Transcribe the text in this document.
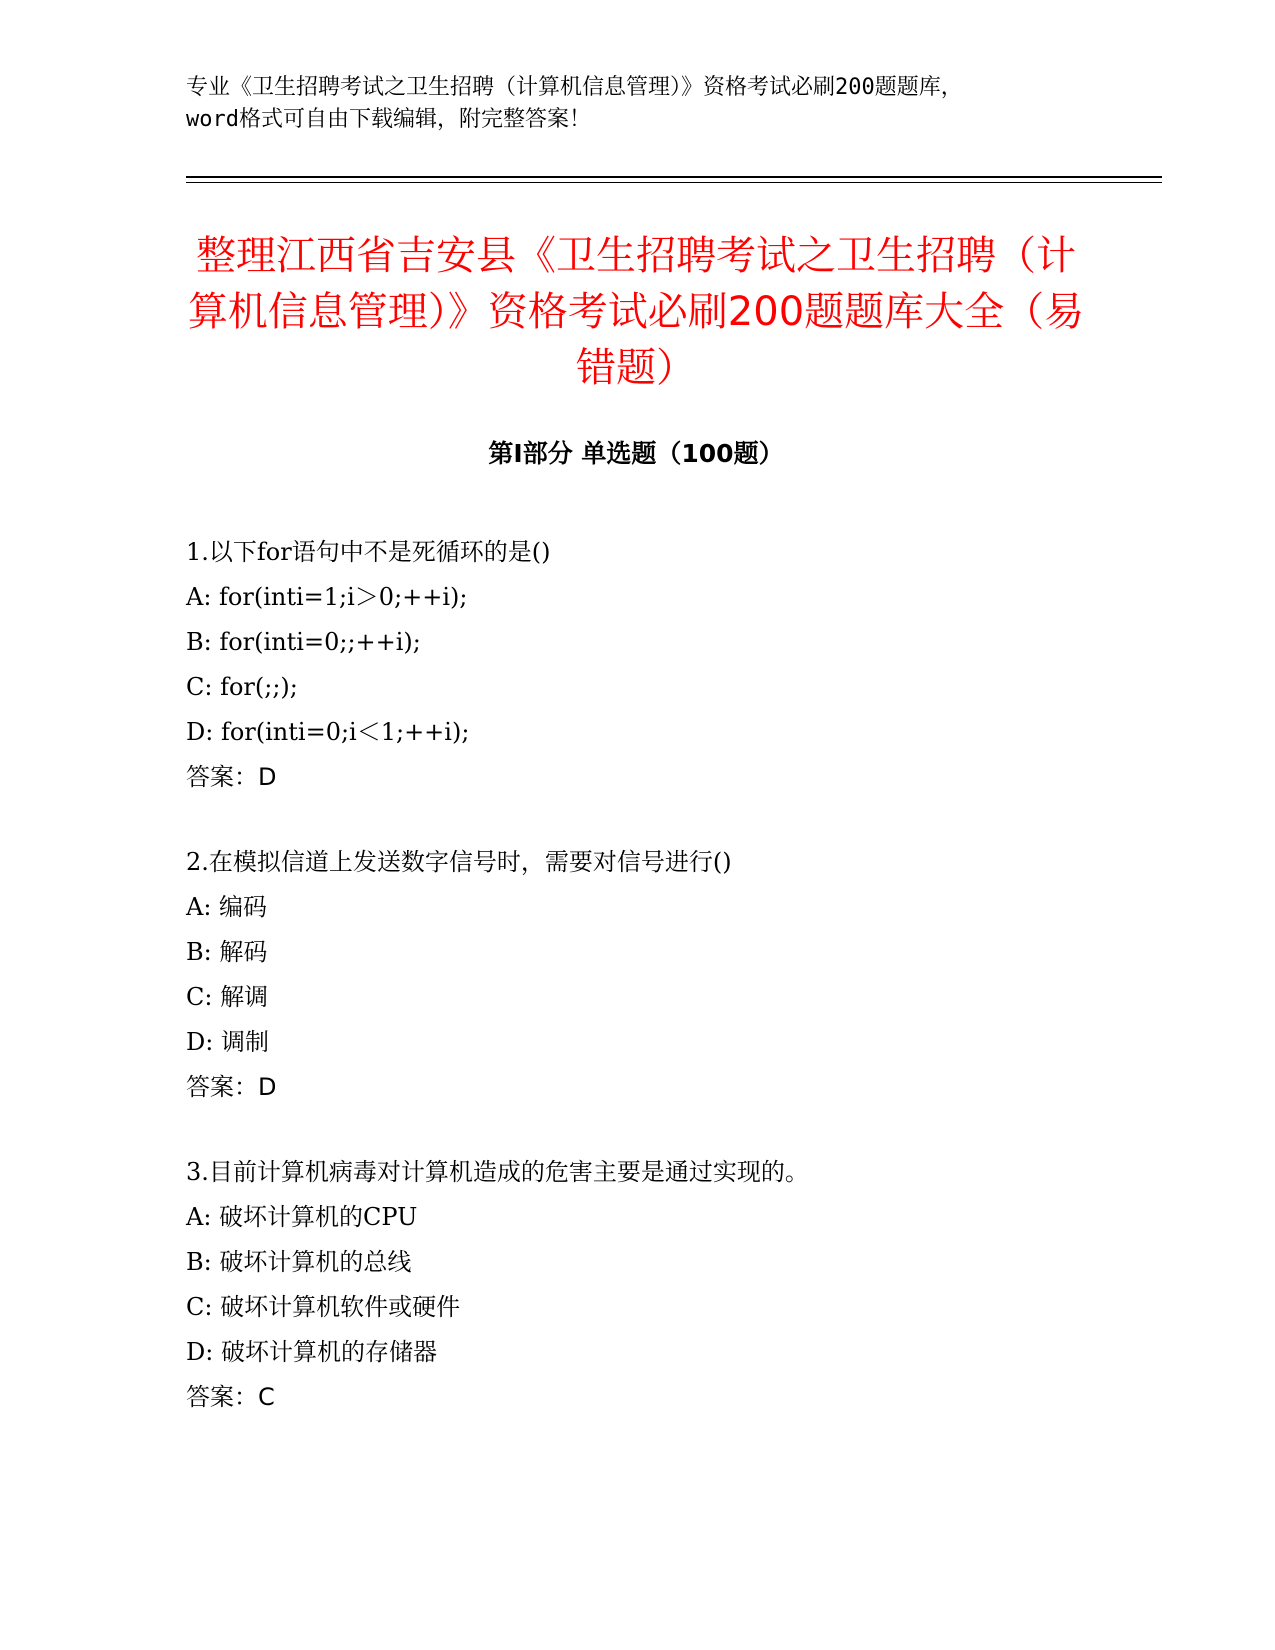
专业《卫生招聘考试之卫生招聘（计算机信息管理）》资格考试必刷200题题库，
word格式可自由下载编辑，附完整答案！
整理江西省吉安县《卫生招聘考试之卫生招聘（计算机信息管理）》资格考试必刷200题题库大全（易错题）
第I部分 单选题（100题）
1.以下for语句中不是死循环的是()
A: for(inti=1;i＞0;++i);
B: for(inti=0;;++i);
C: for(;;);
D: for(inti=0;i＜1;++i);
答案：D
2.在模拟信道上发送数字信号时，需要对信号进行()
A: 编码
B: 解码
C: 解调
D: 调制
答案：D
3.目前计算机病毒对计算机造成的危害主要是通过实现的。
A: 破坏计算机的CPU
B: 破坏计算机的总线
C: 破坏计算机软件或硬件
D: 破坏计算机的存储器
答案：C
